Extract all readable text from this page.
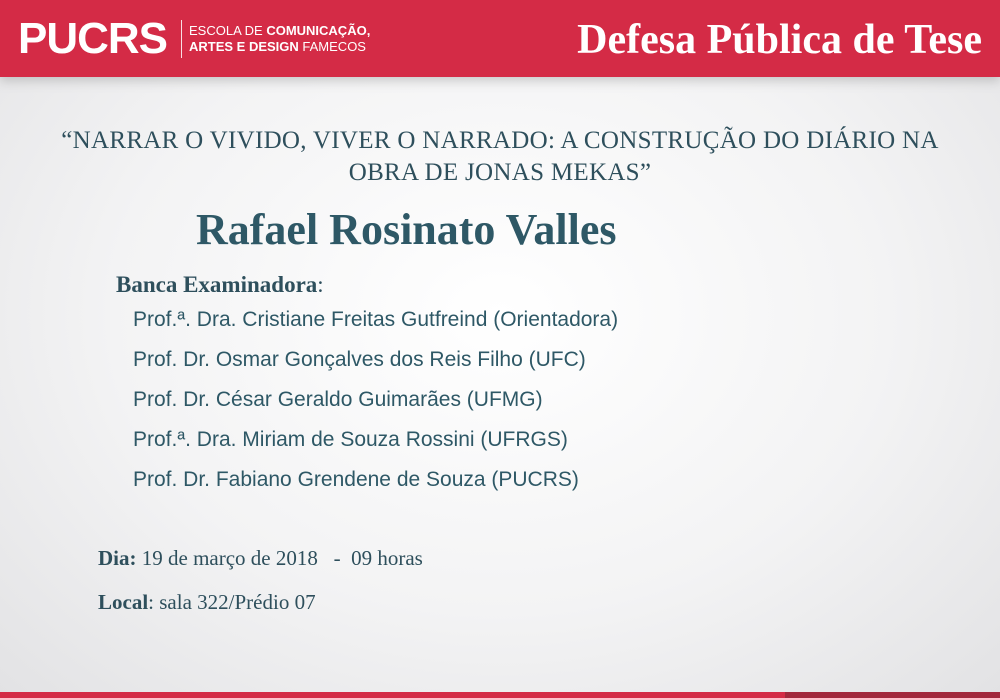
PUCRS ESCOLA DE COMUNICAÇÃO,
ARTES E DESIGN FAMECOS	Defesa Pública de Tese
“NARRAR O VIVIDO, VIVER O NARRADO: A CONSTRUÇÃO DO DIÁRIO NA OBRA DE JONAS MEKAS”
Rafael Rosinato Valles
Banca Examinadora:
Prof.ª. Dra. Cristiane Freitas Gutfreind (Orientadora)
Prof. Dr. Osmar Gonçalves dos Reis Filho (UFC)
Prof. Dr. César Geraldo Guimarães (UFMG)
Prof.ª. Dra. Miriam de Souza Rossini (UFRGS)
Prof. Dr. Fabiano Grendene de Souza (PUCRS)
Dia: 19 de março de 2018   -  09 horas
Local: sala 322/Prédio 07
